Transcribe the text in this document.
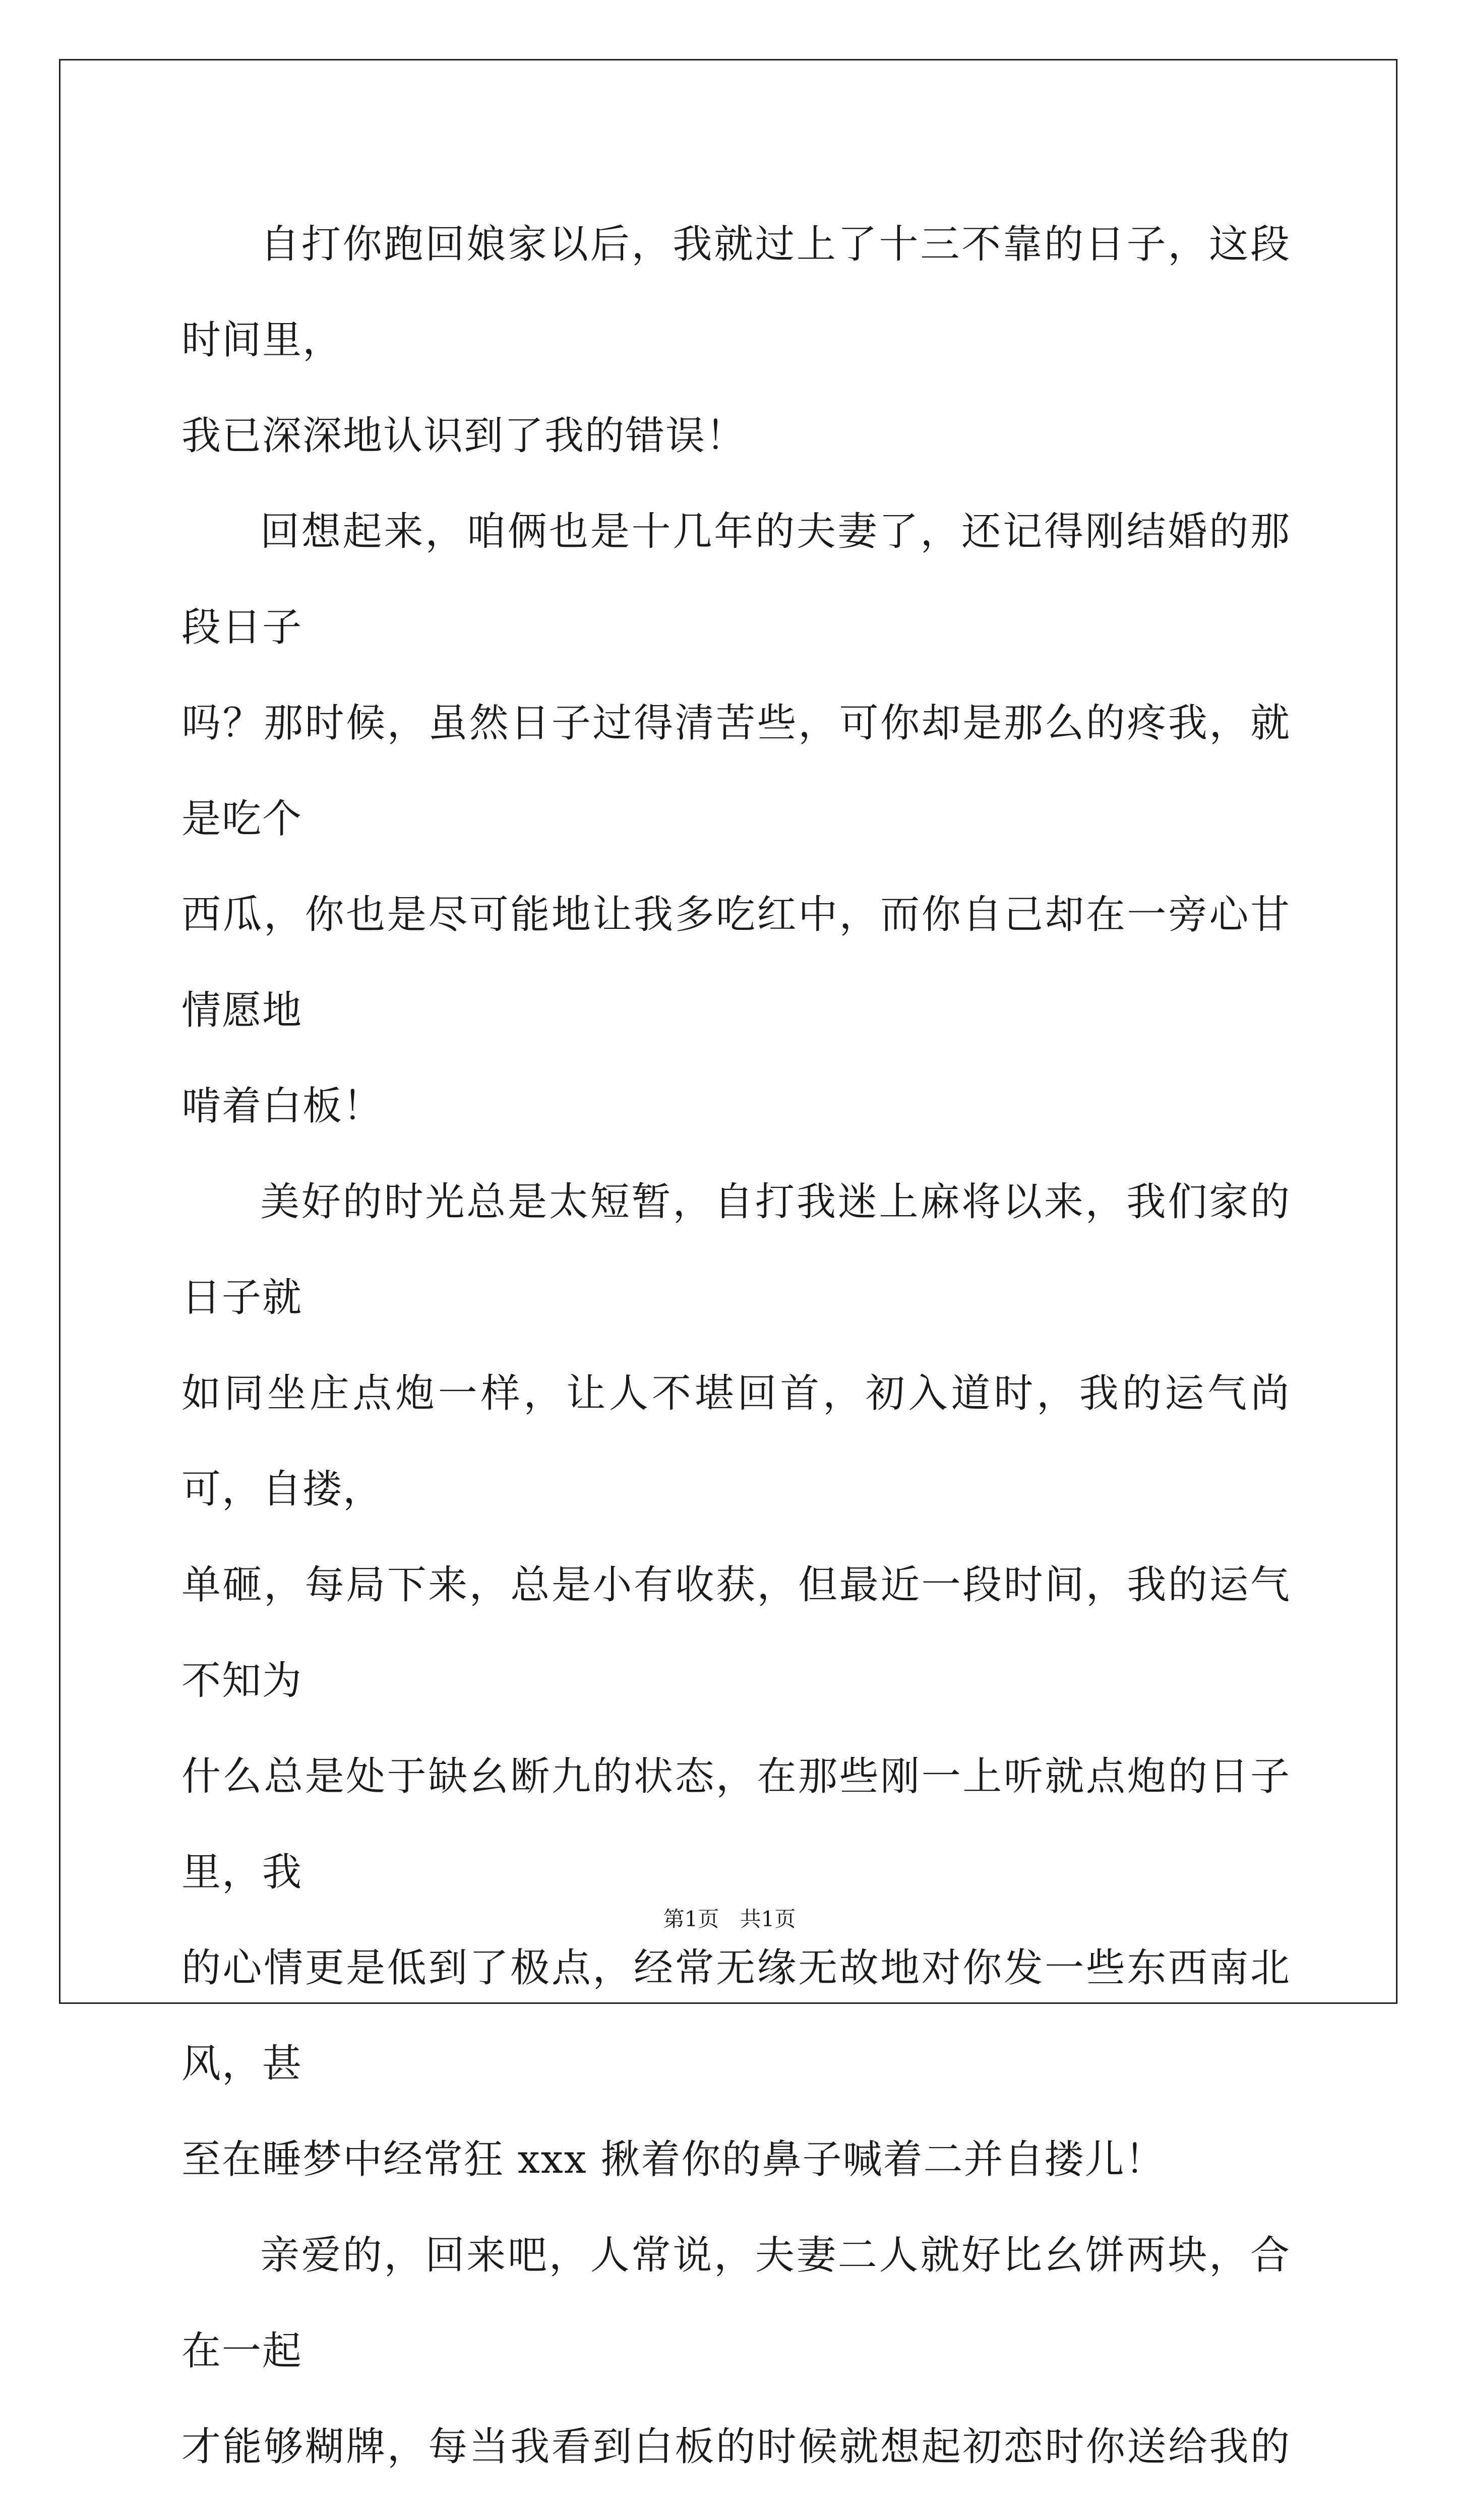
自打你跑回娘家以后，我就过上了十三不靠的日子，这段时间里，
我已深深地认识到了我的错误！

回想起来，咱俩也是十几年的夫妻了，还记得刚结婚的那段日子
吗？那时候，虽然日子过得清苦些，可你却是那么的疼我，就是吃个
西瓜，你也是尽可能地让我多吃红中，而你自己却在一旁心甘情愿地
啃着白板！

美好的时光总是太短暂，自打我迷上麻将以来，我们家的日子就
如同坐庄点炮一样，让人不堪回首，初入道时，我的运气尚可，自搂，
单砸，每局下来，总是小有收获，但最近一段时间，我的运气不知为
什么总是处于缺幺断九的状态，在那些刚一上听就点炮的日子里，我
的心情更是低到了极点，经常无缘无故地对你发一些东西南北风，甚
至在睡梦中经常狂 xxx 揪着你的鼻子喊着二并自搂儿！

亲爱的，回来吧，人常说，夫妻二人就好比幺饼两块，合在一起
才能够糊牌，每当我看到白板的时候就想起初恋时你送给我的

第1页 共1页
